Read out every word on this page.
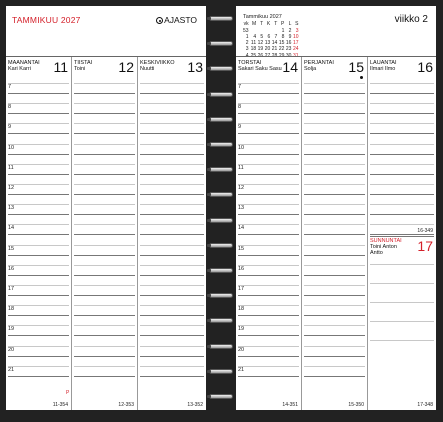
TAMMIKUU 2027	AJASTO
MAANANTAI
Kari Karri 11
7
8
9
10
11
12
13
14
15
16
17
18
19
20
21
11-354
TIISTAI
Toini 12
12-353
KESKIVIIKKO
Nuutti 13
13-352
P
Tammikuu 2027
vk	M	T	K	T	P	L	S
53					1	2	3
1	4	5	6	7	8	9	10
2	11	12	13	14	15	16	17
3	18	19	20	21	22	23	24
4	25	26	27	28	29	30	31
viikko 2
TORSTAI
Sakari Saku Sasu 14
7
8
9
10
11
12
13
14
15
16
17
18
19
20
21
14-351
PERJANTAI
Solja 15
15-350
LAUANTAI
Ilmari Ilmo 16
16-349
SUNNUNTAI
Toini Anton
Anttо	17
17-348
